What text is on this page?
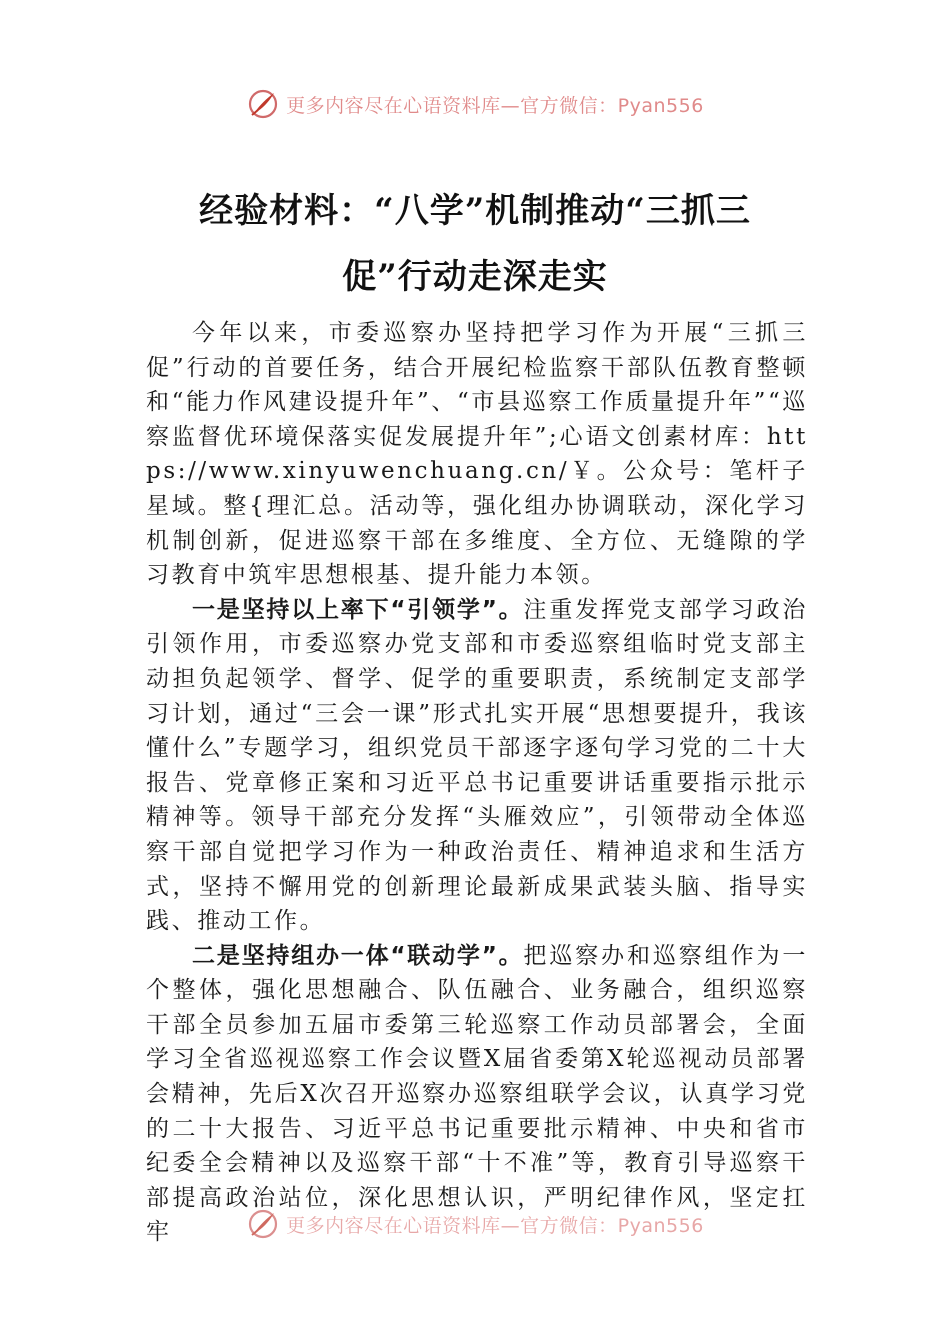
更多内容尽在心语资料库—官方微信：Pyan556
经验材料：“八学”机制推动“三抓三
促”行动走深走实

今年以来，市委巡察办坚持把学习作为开展“三抓三促”行动的首要任务，结合开展纪检监察干部队伍教育整顿和“能力作风建设提升年”、“市县巡察工作质量提升年”“巡察监督优环境保落实促发展提升年”;心语文创素材库：https://www.xinyuwenchuang.cn/￥。公众号：笔杆子星域。整{理汇总。活动等，强化组办协调联动，深化学习机制创新，促进巡察干部在多维度、全方位、无缝隙的学习教育中筑牢思想根基、提升能力本领。

一是坚持以上率下“引领学”。注重发挥党支部学习政治引领作用，市委巡察办党支部和市委巡察组临时党支部主动担负起领学、督学、促学的重要职责，系统制定支部学习计划，通过“三会一课”形式扎实开展“思想要提升，我该懂什么”专题学习，组织党员干部逐字逐句学习党的二十大报告、党章修正案和习近平总书记重要讲话重要指示批示精神等。领导干部充分发挥“头雁效应”，引领带动全体巡察干部自觉把学习作为一种政治责任、精神追求和生活方式，坚持不懈用党的创新理论最新成果武装头脑、指导实践、推动工作。

二是坚持组办一体“联动学”。把巡察办和巡察组作为一个整体，强化思想融合、队伍融合、业务融合，组织巡察干部全员参加五届市委第三轮巡察工作动员部署会，全面学习全省巡视巡察工作会议暨X届省委第X轮巡视动员部署会精神，先后X次召开巡察办巡察组联学会议，认真学习党的二十大报告、习近平总书记重要批示精神、中央和省市纪委全会精神以及巡察干部“十不准”等，教育引导巡察干部提高政治站位，深化思想认识，严明纪律作风，坚定扛牢	更多内容尽在心语资料库—官方微信：Pyan556
